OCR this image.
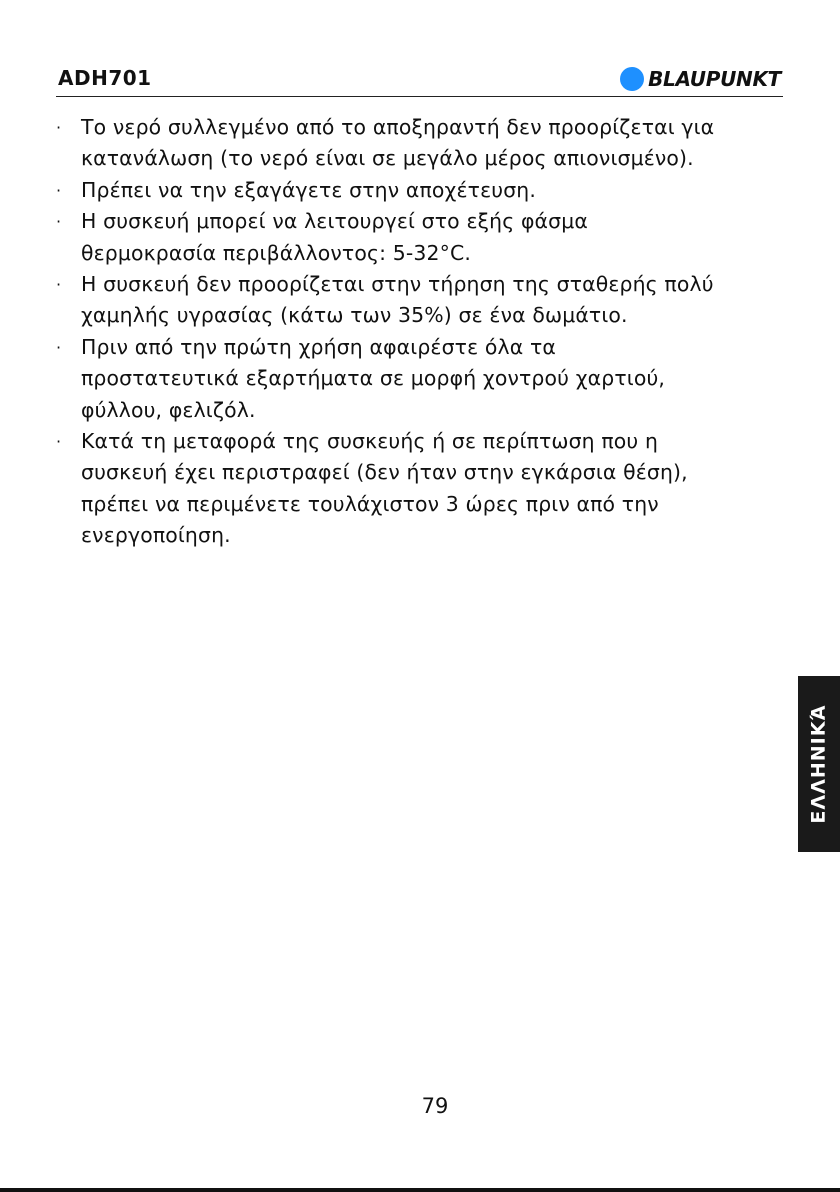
ADH701	BLAUPUNKT
· Το νερό συλλεγμένο από το αποξηραντή δεν προορίζεται για
κατανάλωση (το νερό είναι σε μεγάλο μέρος απιονισμένο).
· Πρέπει να την εξαγάγετε στην αποχέτευση.
· Η συσκευή μπορεί να λειτουργεί στο εξής φάσμα
θερμοκρασία περιβάλλοντος: 5-32°C.
· Η συσκευή δεν προορίζεται στην τήρηση της σταθερής πολύ
χαμηλής υγρασίας (κάτω των 35%) σε ένα δωμάτιο.
· Πριν από την πρώτη χρήση αφαιρέστε όλα τα
προστατευτικά εξαρτήματα σε μορφή χοντρού χαρτιού,
φύλλου, φελιζόλ.
· Κατά τη μεταφορά της συσκευής ή σε περίπτωση που η
συσκευή έχει περιστραφεί (δεν ήταν στην εγκάρσια θέση),
πρέπει να περιμένετε τουλάχιστον 3 ώρες πριν από την
ενεργοποίηση.
ΕΛΛΗΝΙΚΆ
79
